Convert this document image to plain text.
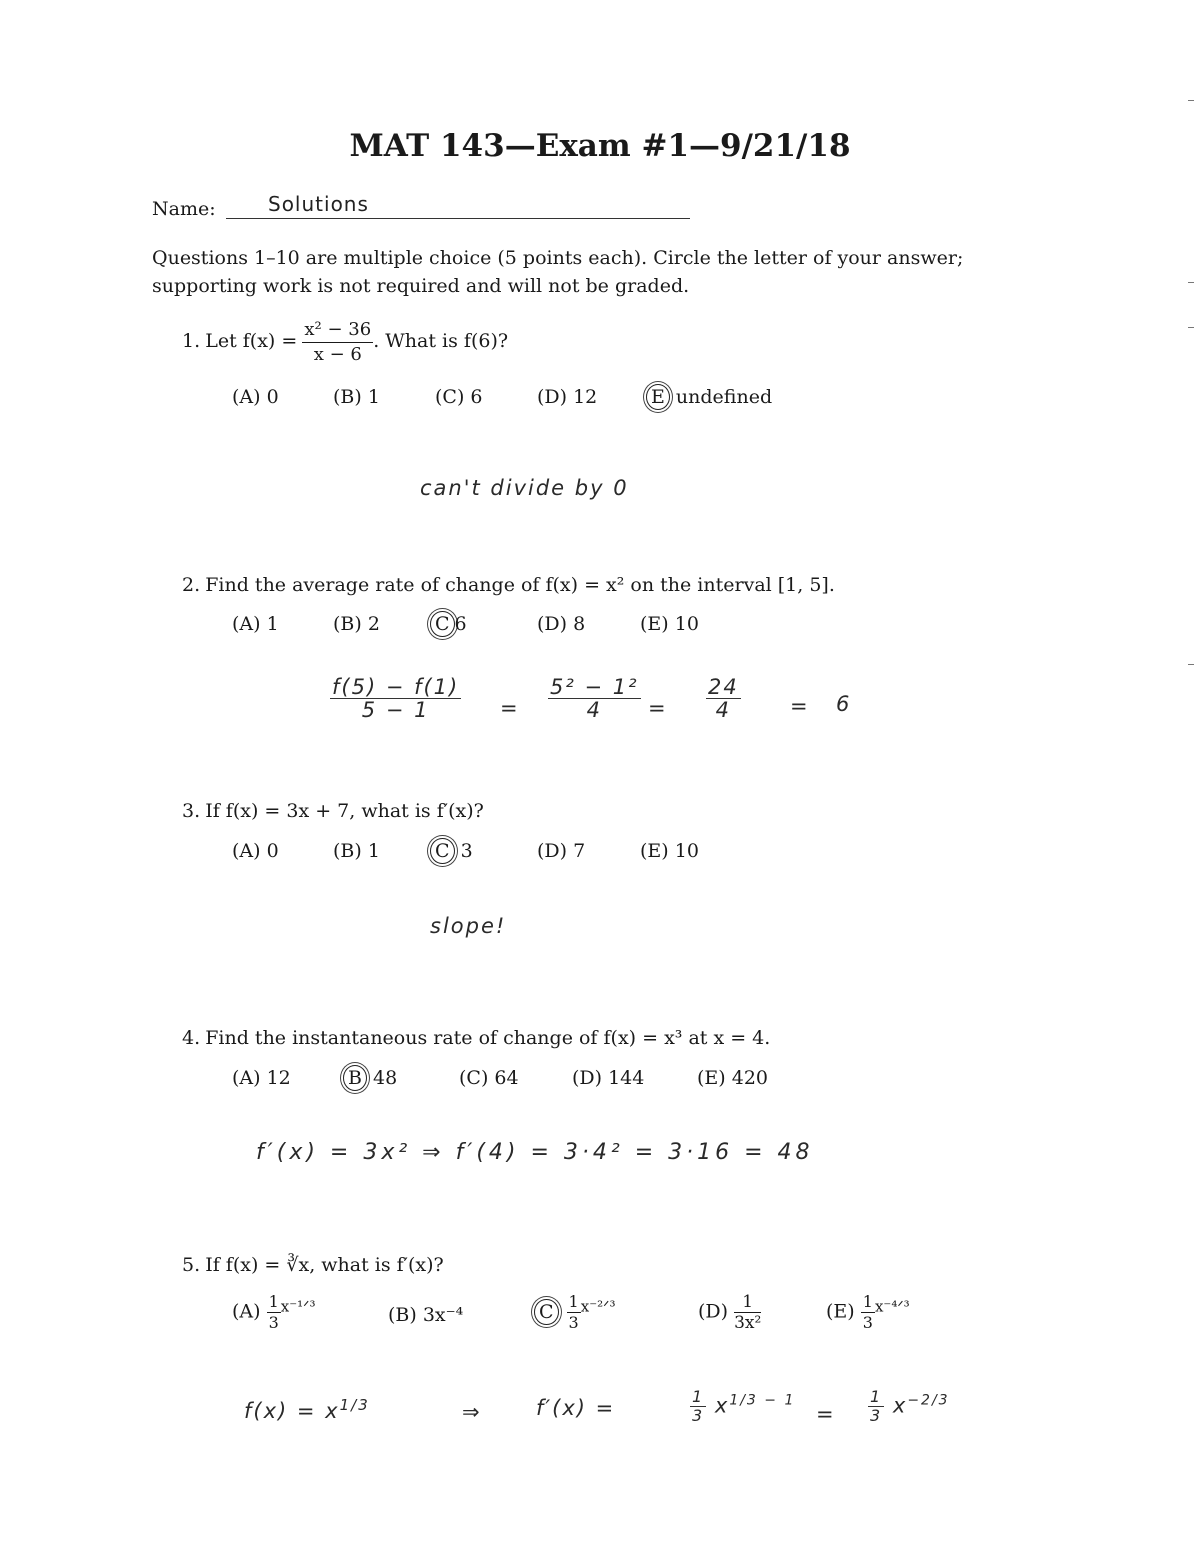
MAT 143—Exam #1—9/21/18
Name:	Solutions
Questions 1–10 are multiple choice (5 points each). Circle the letter of your answer; supporting work is not required and will not be graded.
1. Let $f(x) = \frac{\text{x² − 36}}{x - 6}$ . What is f(6)?
(A) 0	(B) 1	(C) 6	(D) 12	E undefined
can't divide by 0
2. Find the average rate of change of f(x) = x² on the interval [1, 5].
(A) 1	(B) 2	C 6	(D) 8	(E) 10
$\frac{f(5) - f(1)}{5 - 1} = \frac{\text{5² − 1²}}{4} = \frac{24}{4} = 6$
3. If f(x) = 3x + 7, what is f′(x)?
(A) 0	(B) 1	C 3	(D) 7	(E) 10
slope!
4. Find the instantaneous rate of change of f(x) = x³ at x = 4.
(A) 12	B 48	(C) 64	(D) 144	(E) 420
f′(x) = 3x² ⇒ f′(4) = 3·4² = 3·16 = 48
5. If f(x) = ∛x, what is f′(x)?
$(A) \frac{1}{3} ^{x^{-1}ᐟ^3}$	(B) 3x⁻⁴	C $\frac{1}{3} ^{x^{-2}ᐟ^3}$	$(D) \frac{1}{\text{3x²}}$	$(E) \frac{1}{3} ^{x^{-4}ᐟ^3}$
$f(x) = x^{1/3}$	⇒	f′(x) =	$\frac{1}{3} x^{1/3 - 1}$
= $\frac{1}{3} x^{-2/3}$
